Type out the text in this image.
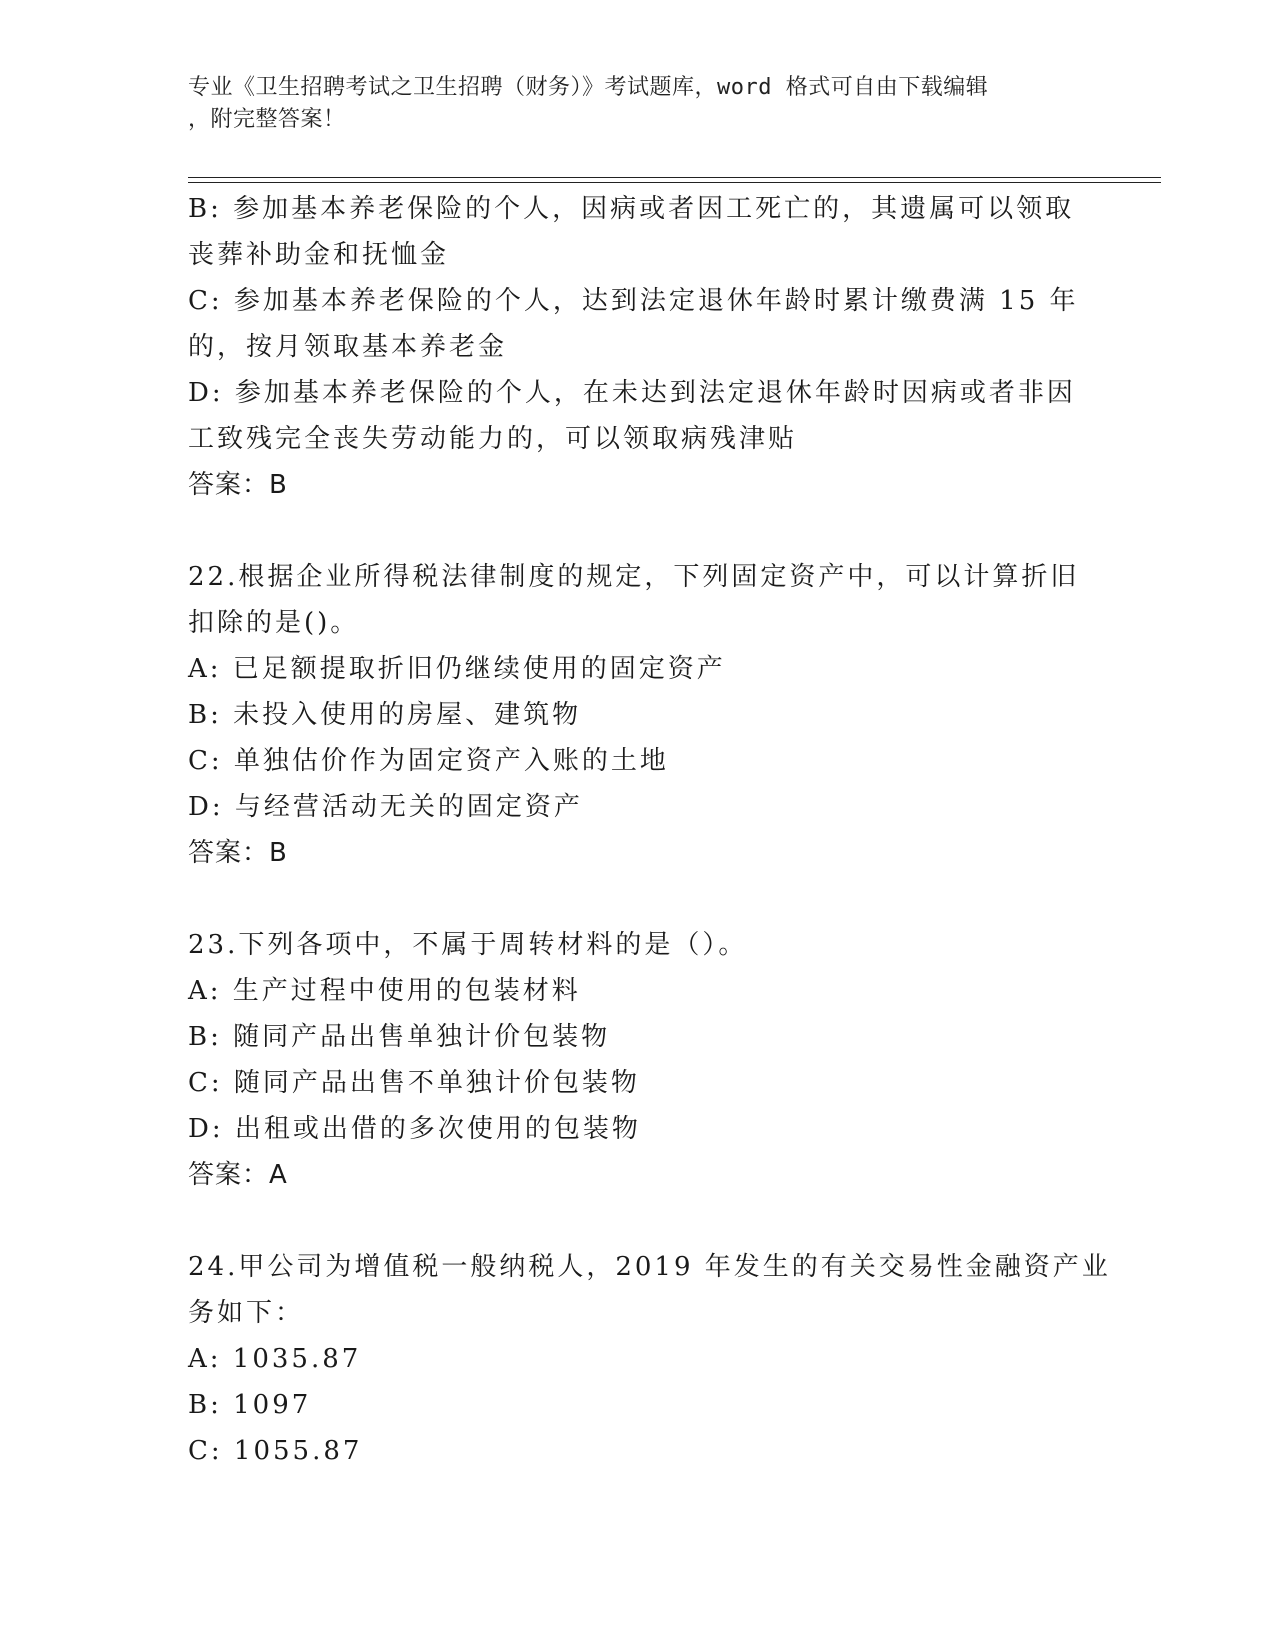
专业《卫生招聘考试之卫生招聘（财务）》考试题库，word 格式可自由下载编辑
，附完整答案！
B: 参加基本养老保险的个人，因病或者因工死亡的，其遗属可以领取
丧葬补助金和抚恤金
C: 参加基本养老保险的个人，达到法定退休年龄时累计缴费满 15 年
的，按月领取基本养老金
D: 参加基本养老保险的个人，在未达到法定退休年龄时因病或者非因
工致残完全丧失劳动能力的，可以领取病残津贴
答案：B
22.根据企业所得税法律制度的规定，下列固定资产中，可以计算折旧
扣除的是()。
A: 已足额提取折旧仍继续使用的固定资产
B: 未投入使用的房屋、建筑物
C: 单独估价作为固定资产入账的土地
D: 与经营活动无关的固定资产
答案：B
23.下列各项中，不属于周转材料的是（）。
A: 生产过程中使用的包装材料
B: 随同产品出售单独计价包装物
C: 随同产品出售不单独计价包装物
D: 出租或出借的多次使用的包装物
答案：A
24.甲公司为增值税一般纳税人，2019 年发生的有关交易性金融资产业
务如下：
A: 1035.87
B: 1097
C: 1055.87
